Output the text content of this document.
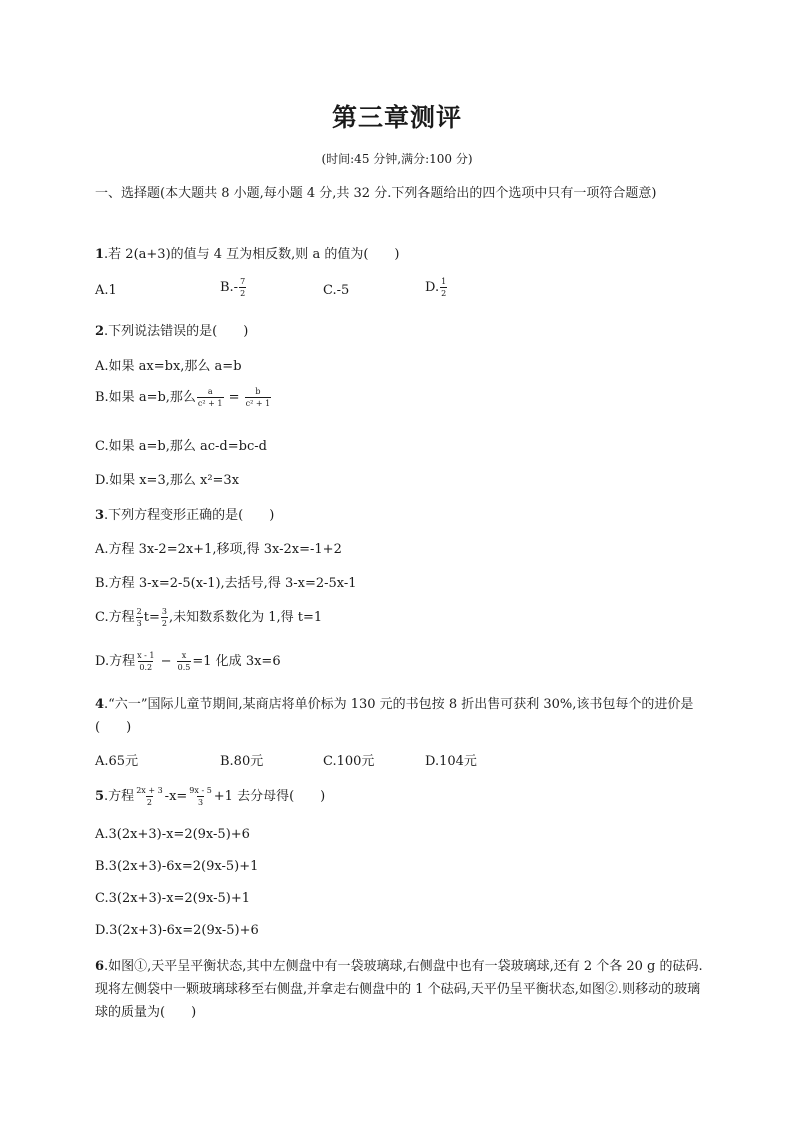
第三章测评
(时间:45 分钟,满分:100 分)
一、选择题(本大题共 8 小题,每小题 4 分,共 32 分.下列各题给出的四个选项中只有一项符合题意)
1.若 2(a+3)的值与 4 互为相反数,则 a 的值为(　　)
A.1	$B.- \frac{7}{2}$	C.-5	D. $\frac{1}{2}$
2.下列说法错误的是(　　)
A.如果 ax=bx,那么 a=b
B.如果 a=b,那么 $\frac{a}{\text{c² + 1}} = \frac{b}{\text{c² + 1}}$
C.如果 a=b,那么 ac-d=bc-d
D.如果 x=3,那么 x²=3x
3.下列方程变形正确的是(　　)
A.方程 3x-2=2x+1,移项,得 3x-2x=-1+2
B.方程 3-x=2-5(x-1),去括号,得 3-x=2-5x-1
C.方程 $\frac{2}{3} t= \frac{3}{2}$ ,未知数系数化为 1,得 t=1
D.方程 $\frac{x - 1}{0.2} - \frac{x}{0.5} =1$ 化成 3x=6
4.“六一”国际儿童节期间,某商店将单价标为 130 元的书包按 8 折出售可获利 30%,该书包每个的进价是(　　)
A.65元	B.80元	C.100元	D.104元
5.方程 $\frac{2x + 3}{2} -x= \frac{9x - 5}{3} +1$ 去分母得(　　)
A.3(2x+3)-x=2(9x-5)+6
B.3(2x+3)-6x=2(9x-5)+1
C.3(2x+3)-x=2(9x-5)+1
D.3(2x+3)-6x=2(9x-5)+6
6.如图①,天平呈平衡状态,其中左侧盘中有一袋玻璃球,右侧盘中也有一袋玻璃球,还有 2 个各 20 g 的砝码.现将左侧袋中一颗玻璃球移至右侧盘,并拿走右侧盘中的 1 个砝码,天平仍呈平衡状态,如图②.则移动的玻璃球的质量为(　　)
